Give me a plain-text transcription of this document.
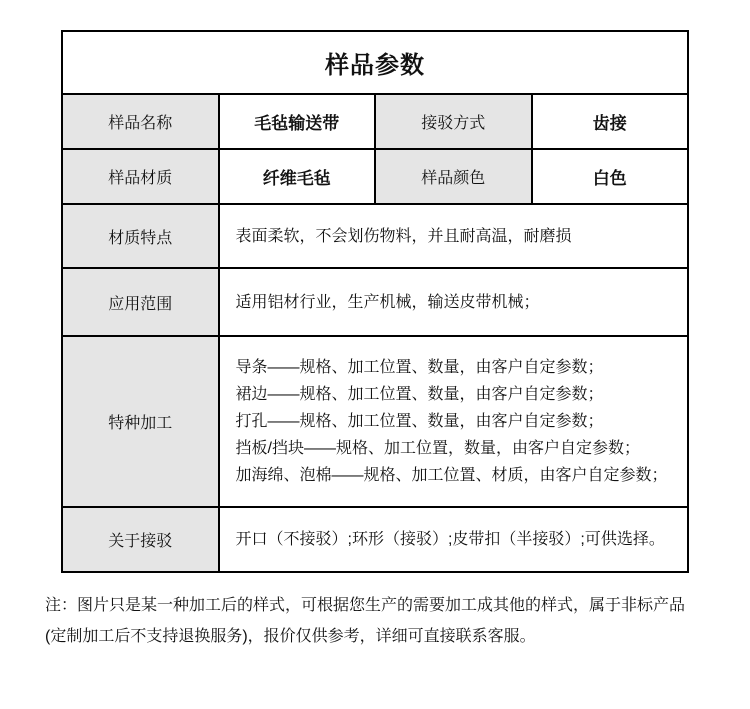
样品参数			
样品名称	毛毡输送带	接驳方式	齿接
样品材质	纤维毛毡	样品颜色	白色
材质特点	表面柔软，不会划伤物料，并且耐高温，耐磨损		

应用范围	适用铝材行业，生产机械，输送皮带机械；		

特种加工	导条——规格、加工位置、数量，由客户自定参数；
裙边——规格、加工位置、数量，由客户自定参数；
打孔——规格、加工位置、数量，由客户自定参数；
挡板/挡块——规格、加工位置，数量，由客户自定参数；
加海绵、泡棉——规格、加工位置、材质，由客户自定参数；		

关于接驳	开口（不接驳）;环形（接驳）;皮带扣（半接驳）;可供选择。		
注：图片只是某一种加工后的样式，可根据您生产的需要加工成其他的样式，属于非标产品(定制加工后不支持退换服务)，报价仅供参考，详细可直接联系客服。
